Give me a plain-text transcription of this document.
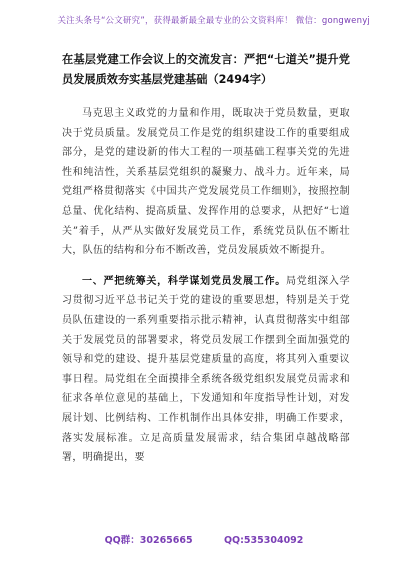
关注头条号“公文研究”，获得最新最全最专业的公文资料库！ 微信：gongwenyj
在基层党建工作会议上的交流发言：严把“七道关”提升党员发展质效夯实基层党建基础（2494字）

马克思主义政党的力量和作用，既取决于党员数量，更取决于党员质量。发展党员工作是党的组织建设工作的重要组成部分，是党的建设新的伟大工程的一项基础工程事关党的先进性和纯洁性，关系基层党组织的凝聚力、战斗力。近年来，局党组严格贯彻落实《中国共产党发展党员工作细则》，按照控制总量、优化结构、提高质量、发挥作用的总要求，从把好“七道关”着手，从严从实做好发展党员工作，系统党员队伍不断壮大，队伍的结构和分布不断改善，党员发展质效不断提升。

一、严把统筹关，科学谋划党员发展工作。局党组深入学习贯彻习近平总书记关于党的建设的重要思想，特别是关于党员队伍建设的一系列重要指示批示精神，认真贯彻落实中组部关于发展党员的部署要求，将党员发展工作摆到全面加强党的领导和党的建设、提升基层党建质量的高度，将其列入重要议事日程。局党组在全面摸排全系统各级党组织发展党员需求和征求各单位意见的基础上，下发通知和年度指导性计划，对发展计划、比例结构、工作机制作出具体安排，明确工作要求，落实发展标准。立足高质量发展需求，结合集团卓越战略部署，明确提出，要

QQ群：30265665	QQ:535304092
